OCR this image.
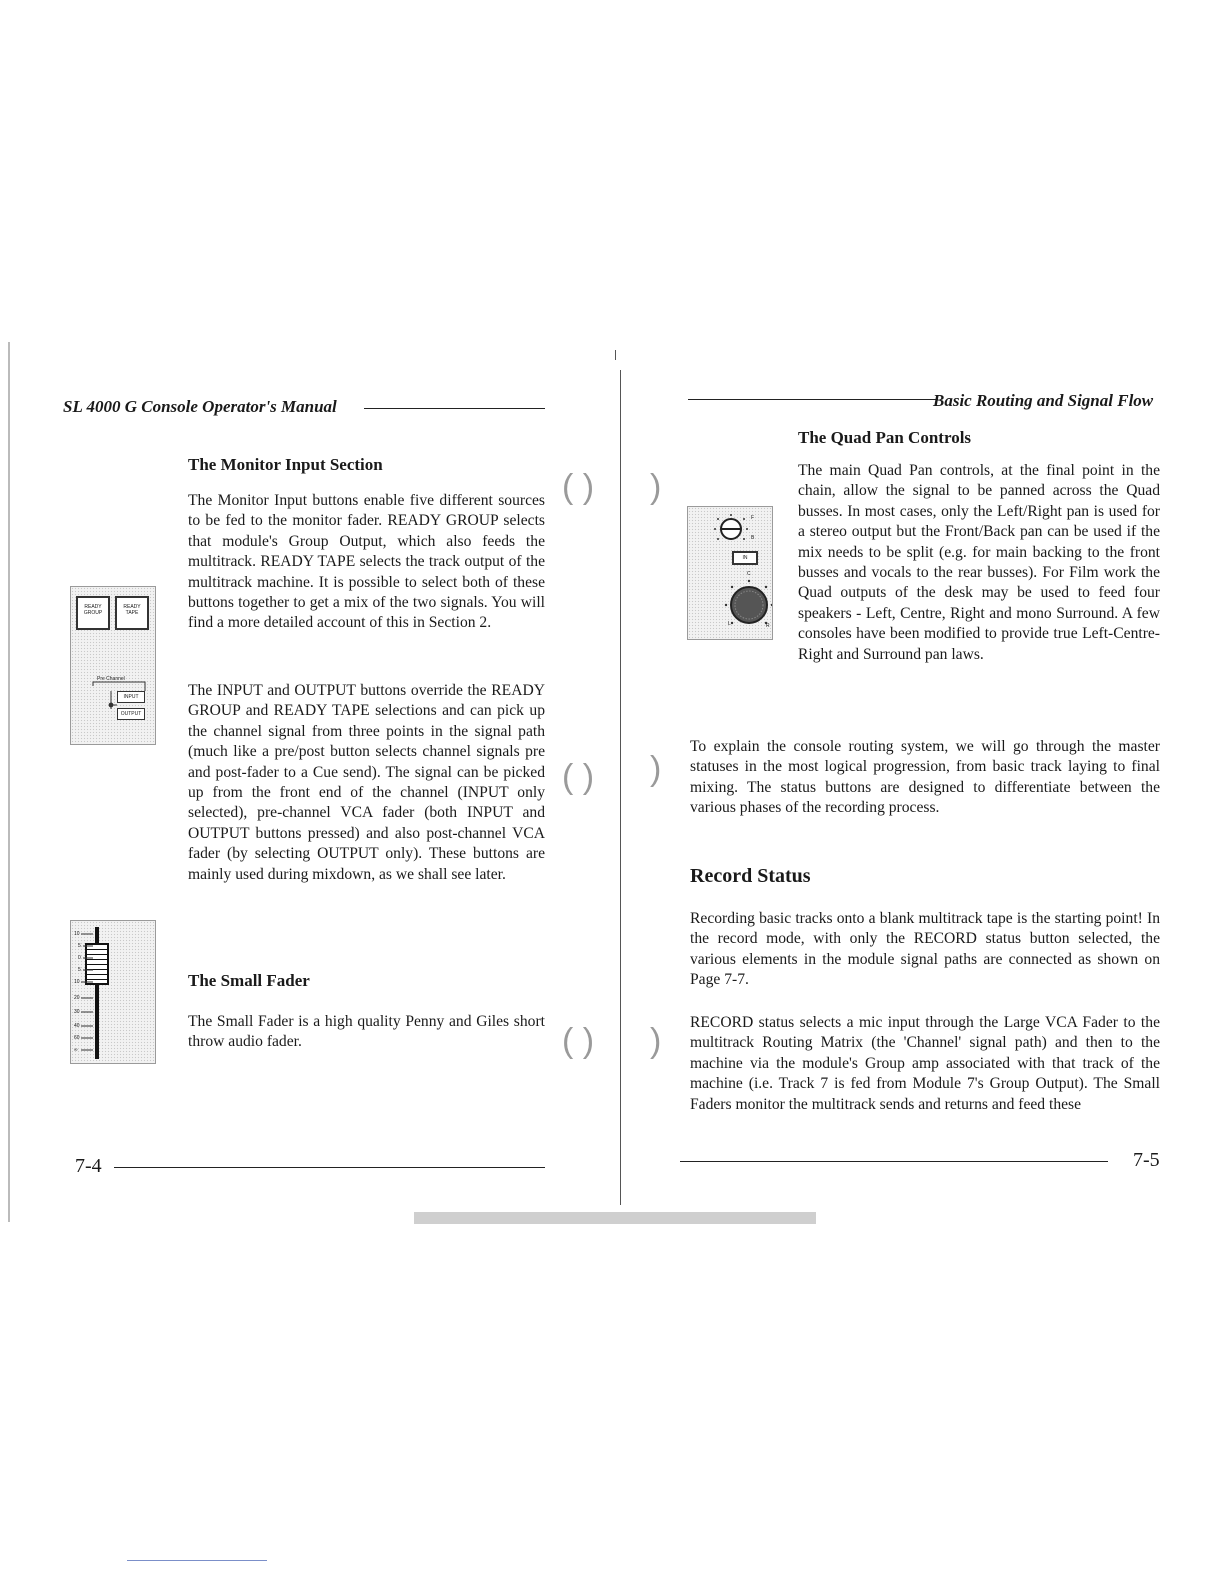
SL 4000 G Console Operator's Manual
The Monitor Input Section
The Monitor Input buttons enable five different sources to be fed to the monitor fader. READY GROUP selects that module's Group Output, which also feeds the multitrack. READY TAPE selects the track output of the multitrack machine. It is possible to select both of these buttons together to get a mix of the two signals. You will find a more detailed account of this in Section 2.
The INPUT and OUTPUT buttons override the READY GROUP and READY TAPE selections and can pick up the channel signal from three points in the signal path (much like a pre/post button selects channel signals pre and post-fader to a Cue send). The signal can be picked up from the front end of the channel (INPUT only selected), pre-channel VCA fader (both INPUT and OUTPUT buttons pressed) and also post-channel VCA fader (by selecting OUTPUT only). These buttons are mainly used during mixdown, as we shall see later.
READY GROUP
READY TAPE
Pre Channel
INPUT
OUTPUT
10
5
0
5
10
20
30
40
60
∞
The Small Fader
The Small Fader is a high quality Penny and Giles short throw audio fader.
( )
( )
( )
7-4
Basic Routing and Signal Flow
The Quad Pan Controls
F
B
IN
C
L	R
The main Quad Pan controls, at the final point in the chain, allow the signal to be panned across the Quad busses. In most cases, only the Left/Right pan is used for a stereo output but the Front/Back pan can be used if the mix needs to be split (e.g. for main backing to the front busses and vocals to the rear busses). For Film work the Quad outputs of the desk may be used to feed four speakers - Left, Centre, Right and mono Surround. A few consoles have been modified to provide true Left-Centre-Right and Surround pan laws.
To explain the console routing system, we will go through the master statuses in the most logical progression, from basic track laying to final mixing. The status buttons are designed to differentiate between the various phases of the recording process.
Record Status
Recording basic tracks onto a blank multitrack tape is the starting point! In the record mode, with only the RECORD status button selected, the various elements in the module signal paths are connected as shown on Page 7-7.
RECORD status selects a mic input through the Large VCA Fader to the multitrack Routing Matrix (the 'Channel' signal path) and then to the machine via the module's Group amp associated with that track of the machine (i.e. Track 7 is fed from Module 7's Group Output). The Small Faders monitor the multitrack sends and returns and feed these
)
)
)
7-5
